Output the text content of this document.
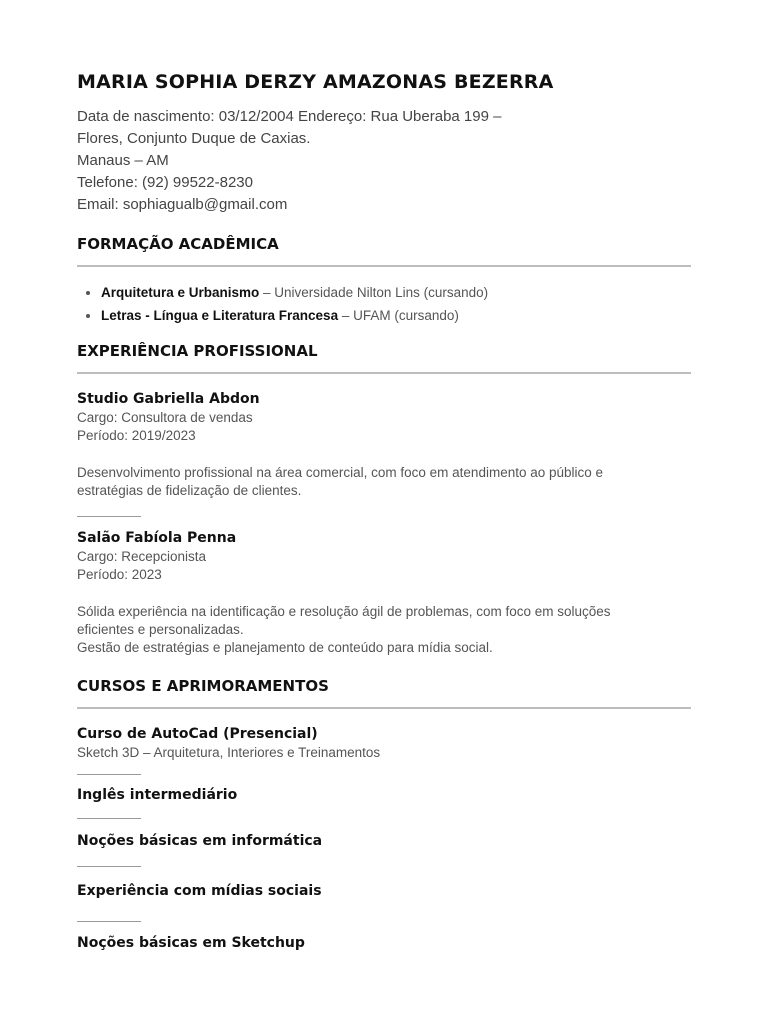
MARIA SOPHIA DERZY AMAZONAS BEZERRA
Data de nascimento: 03/12/2004 Endereço: Rua Uberaba 199 –
Flores, Conjunto Duque de Caxias.
Manaus – AM
Telefone: (92) 99522-8230
Email: sophiagualb@gmail.com
FORMAÇÃO ACADÊMICA
• Arquitetura e Urbanismo – Universidade Nilton Lins (cursando)
• Letras - Língua e Literatura Francesa – UFAM (cursando)
EXPERIÊNCIA PROFISSIONAL
Studio Gabriella Abdon
Cargo: Consultora de vendas
Período: 2019/2023
Desenvolvimento profissional na área comercial, com foco em atendimento ao público e
estratégias de fidelização de clientes.
Salão Fabíola Penna
Cargo: Recepcionista
Período: 2023
Sólida experiência na identificação e resolução ágil de problemas, com foco em soluções
eficientes e personalizadas.
Gestão de estratégias e planejamento de conteúdo para mídia social.
CURSOS E APRIMORAMENTOS
Curso de AutoCad (Presencial)
Sketch 3D – Arquitetura, Interiores e Treinamentos
Inglês intermediário
Noções básicas em informática
Experiência com mídias sociais
Noções básicas em Sketchup
